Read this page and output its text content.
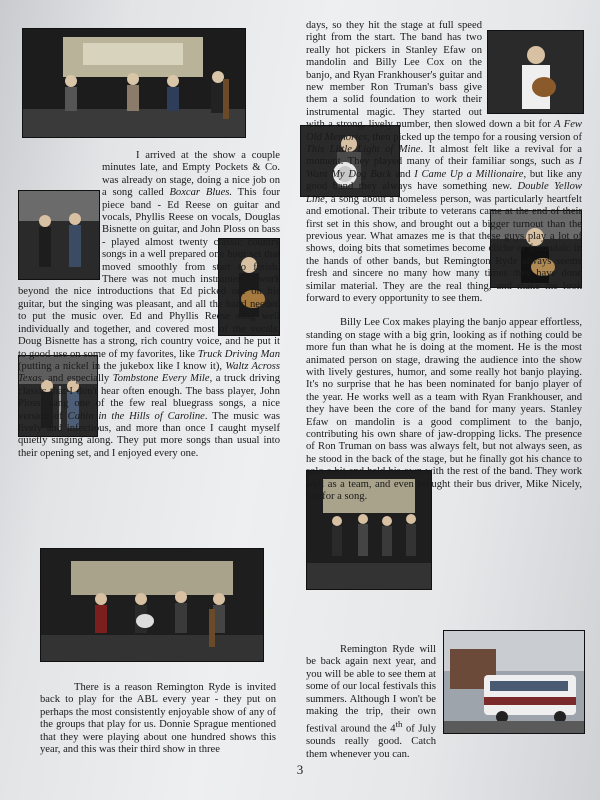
I arrived at the show a couple minutes late, and Empty Pockets & Co. was already on stage, doing a nice job on a song called Boxcar Blues. This four piece band - Ed Reese on guitar and vocals, Phyllis Reese on vocals, Douglas Bisnette on guitar, and John Ploss on bass - played almost twenty classic country songs in a well prepared one hour set that moved smoothly from start to finish. There was not much instrumental work beyond the nice introductions that Ed picked out on his guitar, but the singing was pleasant, and all the band needed to put the music over. Ed and Phyllis Reese sang well individually and together, and covered most of the vocals. Doug Bisnette has a strong, rich country voice, and he put it to good use on some of my favorites, like Truck Driving Man (putting a nickel in the jukebox like I know it), Waltz Across Texas, and especially Tombstone Every Mile, a truck driving classic that I don't hear often enough. The bass player, John Ploss, sang one of the few real bluegrass songs, a nice version of Cabin in the Hills of Caroline. The music was lively and infectious, and more than once I caught myself quietly singing along. They put more songs than usual into their opening set, and I enjoyed every one.

There is a reason Remington Ryde is invited back to play for the ABL every year - they put on perhaps the most consistently enjoyable show of any of the groups that play for us. Donnie Sprague mentioned that they were playing about one hundred shows this year, and this was their third show in three

days, so they hit the stage at full speed right from the start. The band has two really hot pickers in Stanley Efaw on mandolin and Billy Lee Cox on the banjo, and Ryan Frankhouser's guitar and new member Ron Truman's bass give them a solid foundation to work their instrumental magic. They started out with a strong, lively number, then slowed down a bit for A Few Old Memories, then picked up the tempo for a rousing version of This Little Light of Mine. It almost felt like a revival for a moment. They played many of their familiar songs, such as I Want My Dog Back and I Came Up a Millionaire, but like any good band they always have something new. Double Yellow Line, a song about a homeless person, was particularly heartfelt and emotional. Their tribute to veterans came at the end of their first set in this show, and brought out a bigger turnout than the previous year. What amazes me is that these guys play a lot of shows, doing bits that sometimes become cliche or formulaic in the hands of other bands, but Remington Ryde always seems fresh and sincere no many how many times they have done similar material. They are the real thing, and make me look forward to every opportunity to see them.

Billy Lee Cox makes playing the banjo appear effortless, standing on stage with a big grin, looking as if nothing could be more fun than what he is doing at the moment. He is the most animated person on stage, drawing the audience into the show with lively gestures, humor, and some really hot banjo playing. It's no surprise that he has been nominated for banjo player of the year. He works well as a team with Ryan Frankhouser, and they have been the core of the band for many years. Stanley Efaw on mandolin is a good compliment to the banjo, contributing his own share of jaw-dropping licks. The presence of Ron Truman on bass was always felt, but not always seen, as he stood in the back of the stage, but he finally got his chance to solo a bit and held his own with the rest of the band. They work well as a team, and even brought their bus driver, Mike Nicely, out for a song.

Remington Ryde will be back again next year, and you will be able to see them at some of our local festivals this summers. Although I won't be making the trip, their own festival around the 4th of July sounds really good. Catch them whenever you can.

3
